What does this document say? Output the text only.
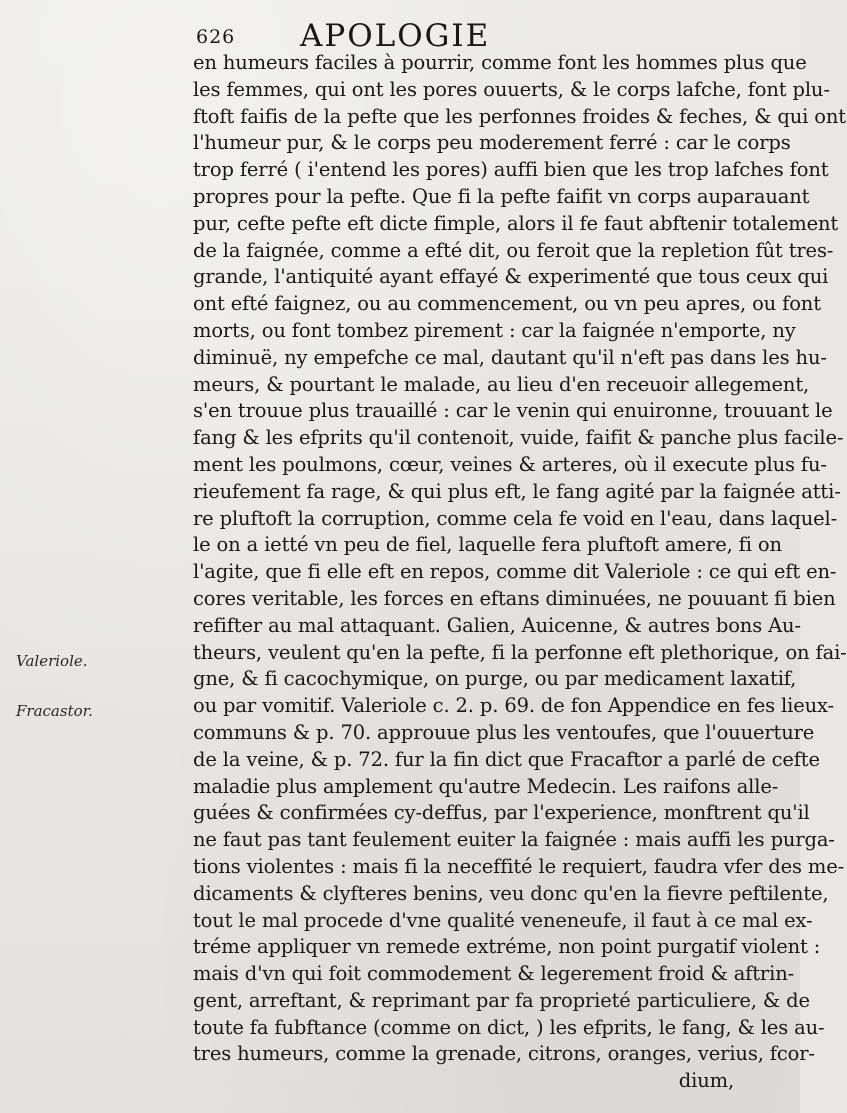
626 APOLOGIE
Valeriole.
Fracastor.
en humeurs faciles à pourrir, comme font les hommes plus que
les femmes, qui ont les pores ouuerts, & le corps lafche, font plu-
ftoft faifis de la pefte que les perfonnes froides & feches, & qui ont
l'humeur pur, & le corps peu moderement ferré : car le corps
trop ferré ( i'entend les pores) auffi bien que les trop lafches font
propres pour la pefte. Que fi la pefte faifit vn corps auparauant
pur, cefte pefte eft dicte fimple, alors il fe faut abftenir totalement
de la faignée, comme a efté dit, ou feroit que la repletion fût tres-
grande, l'antiquité ayant effayé & experimenté que tous ceux qui
ont efté faignez, ou au commencement, ou vn peu apres, ou font
morts, ou font tombez pirement : car la faignée n'emporte, ny
diminuë, ny empefche ce mal, dautant qu'il n'eft pas dans les hu-
meurs, & pourtant le malade, au lieu d'en receuoir allegement,
s'en trouue plus trauaillé : car le venin qui enuironne, trouuant le
fang & les efprits qu'il contenoit, vuide, faifit & panche plus facile-
ment les poulmons, cœur, veines & arteres, où il execute plus fu-
rieufement fa rage, & qui plus eft, le fang agité par la faignée atti-
re pluftoft la corruption, comme cela fe void en l'eau, dans laquel-
le on a ietté vn peu de fiel, laquelle fera pluftoft amere, fi on
l'agite, que fi elle eft en repos, comme dit Valeriole : ce qui eft en-
cores veritable, les forces en eftans diminuées, ne pouuant fi bien
refifter au mal attaquant. Galien, Auicenne, & autres bons Au-
theurs, veulent qu'en la pefte, fi la perfonne eft plethorique, on fai-
gne, & fi cacochymique, on purge, ou par medicament laxatif,
ou par vomitif. Valeriole c. 2. p. 69. de fon Appendice en fes lieux-
communs & p. 70. approuue plus les ventoufes, que l'ouuerture
de la veine, & p. 72. fur la fin dict que Fracaftor a parlé de cefte
maladie plus amplement qu'autre Medecin. Les raifons alle-
guées & confirmées cy-deffus, par l'experience, monftrent qu'il
ne faut pas tant feulement euiter la faignée : mais auffi les purga-
tions violentes : mais fi la neceffité le requiert, faudra vfer des me-
dicaments & clyfteres benins, veu donc qu'en la fievre peftilente,
tout le mal procede d'vne qualité veneneufe, il faut à ce mal ex-
tréme appliquer vn remede extréme, non point purgatif violent :
mais d'vn qui foit commodement & legerement froid & aftrin-
gent, arreftant, & reprimant par fa proprieté particuliere, & de
toute fa fubftance (comme on dict, ) les efprits, le fang, & les au-
tres humeurs, comme la grenade, citrons, oranges, verius, fcor-
dium,
